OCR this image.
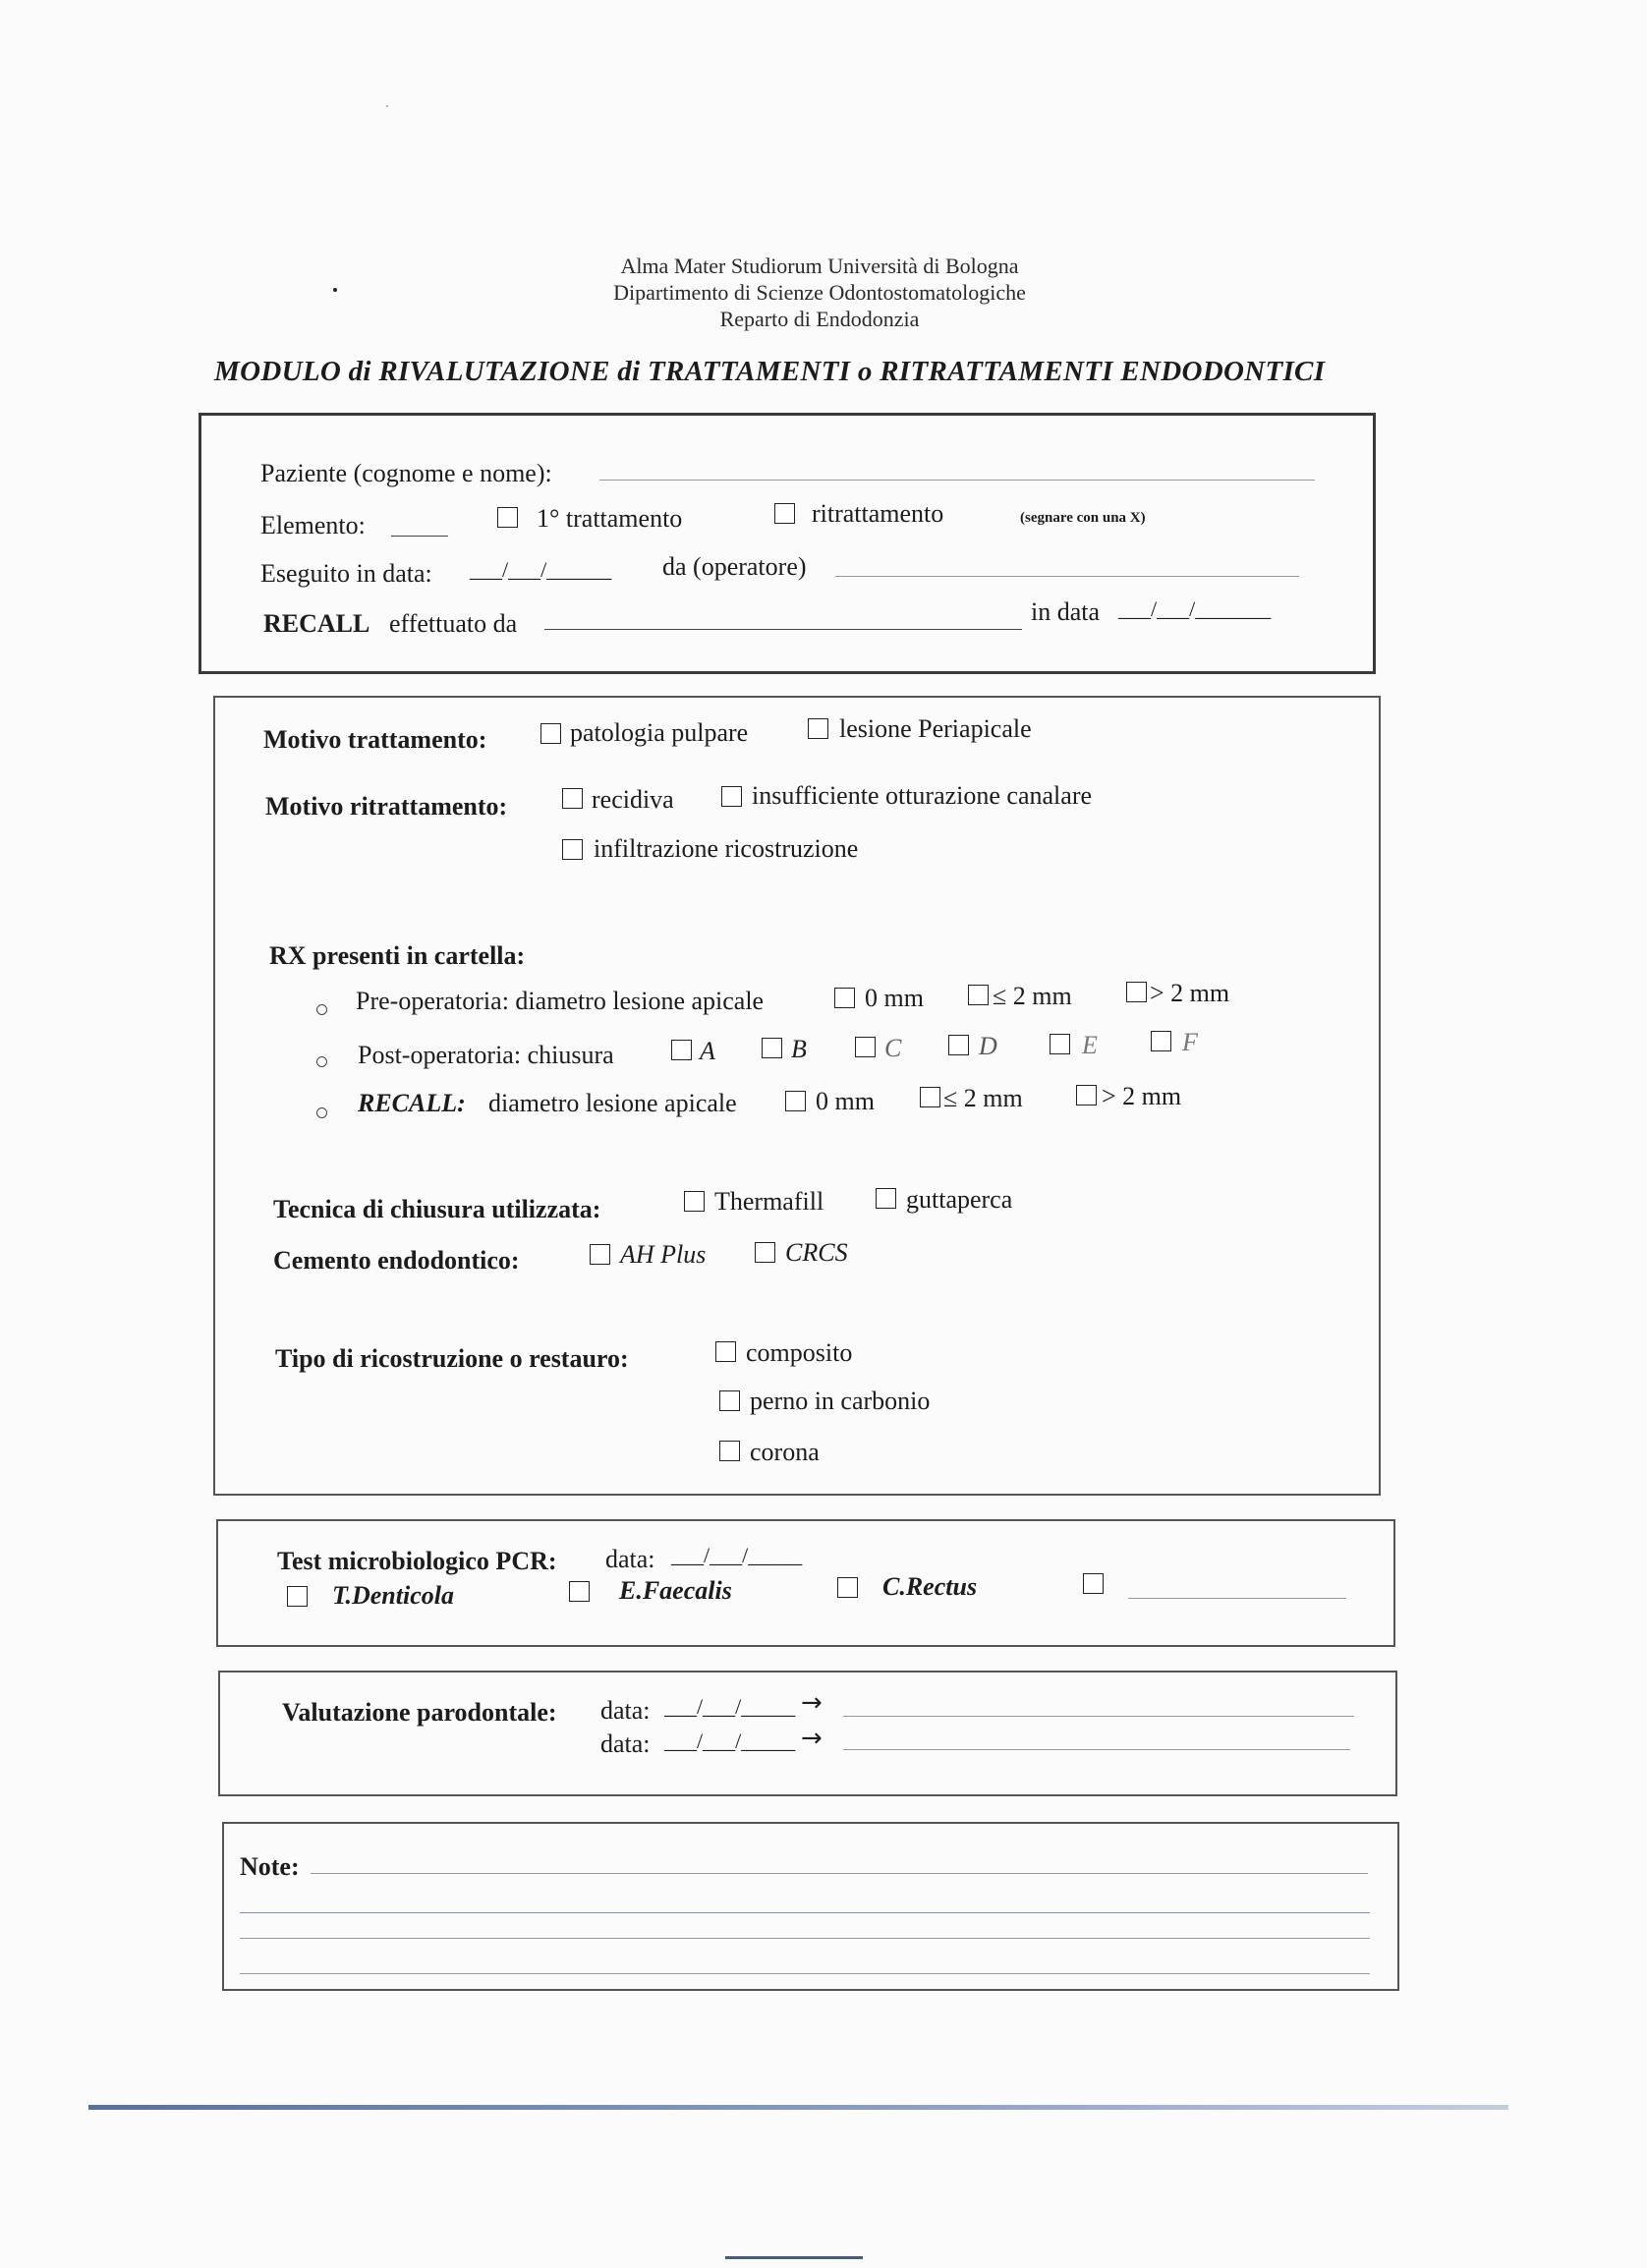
Alma Mater Studiorum Università di Bologna
Dipartimento di Scienze Odontostomatologiche
Reparto di Endodonzia
MODULO di RIVALUTAZIONE di TRATTAMENTI o RITRATTAMENTI ENDODONTICI
Paziente (cognome e nome):
Elemento:	1° trattamento	ritrattamento	(segnare con una X)
Eseguito in data: ___/___/______ da (operatore)
RECALL effettuato da	in data ___/___/_______
Motivo trattamento:	patologia pulpare	lesione Periapicale
Motivo ritrattamento:	recidiva	insufficiente otturazione canalare
infiltrazione ricostruzione
RX presenti in cartella:
Pre-operatoria: diametro lesione apicale	0 mm	≤ 2 mm	> 2 mm
Post-operatoria: chiusura	A	B	C	D	E	F
RECALL: diametro lesione apicale	0 mm	≤ 2 mm	> 2 mm
Tecnica di chiusura utilizzata:	Thermafill	guttaperca
Cemento endodontico:	AH Plus	CRCS
Tipo di ricostruzione o restauro:	composito
perno in carbonio
corona
Test microbiologico PCR: data: ___/___/_____
T.Denticola	E.Faecalis	C.Rectus
Valutazione parodontale: data: ___/___/_____ →
data: ___/___/_____ →
Note:
